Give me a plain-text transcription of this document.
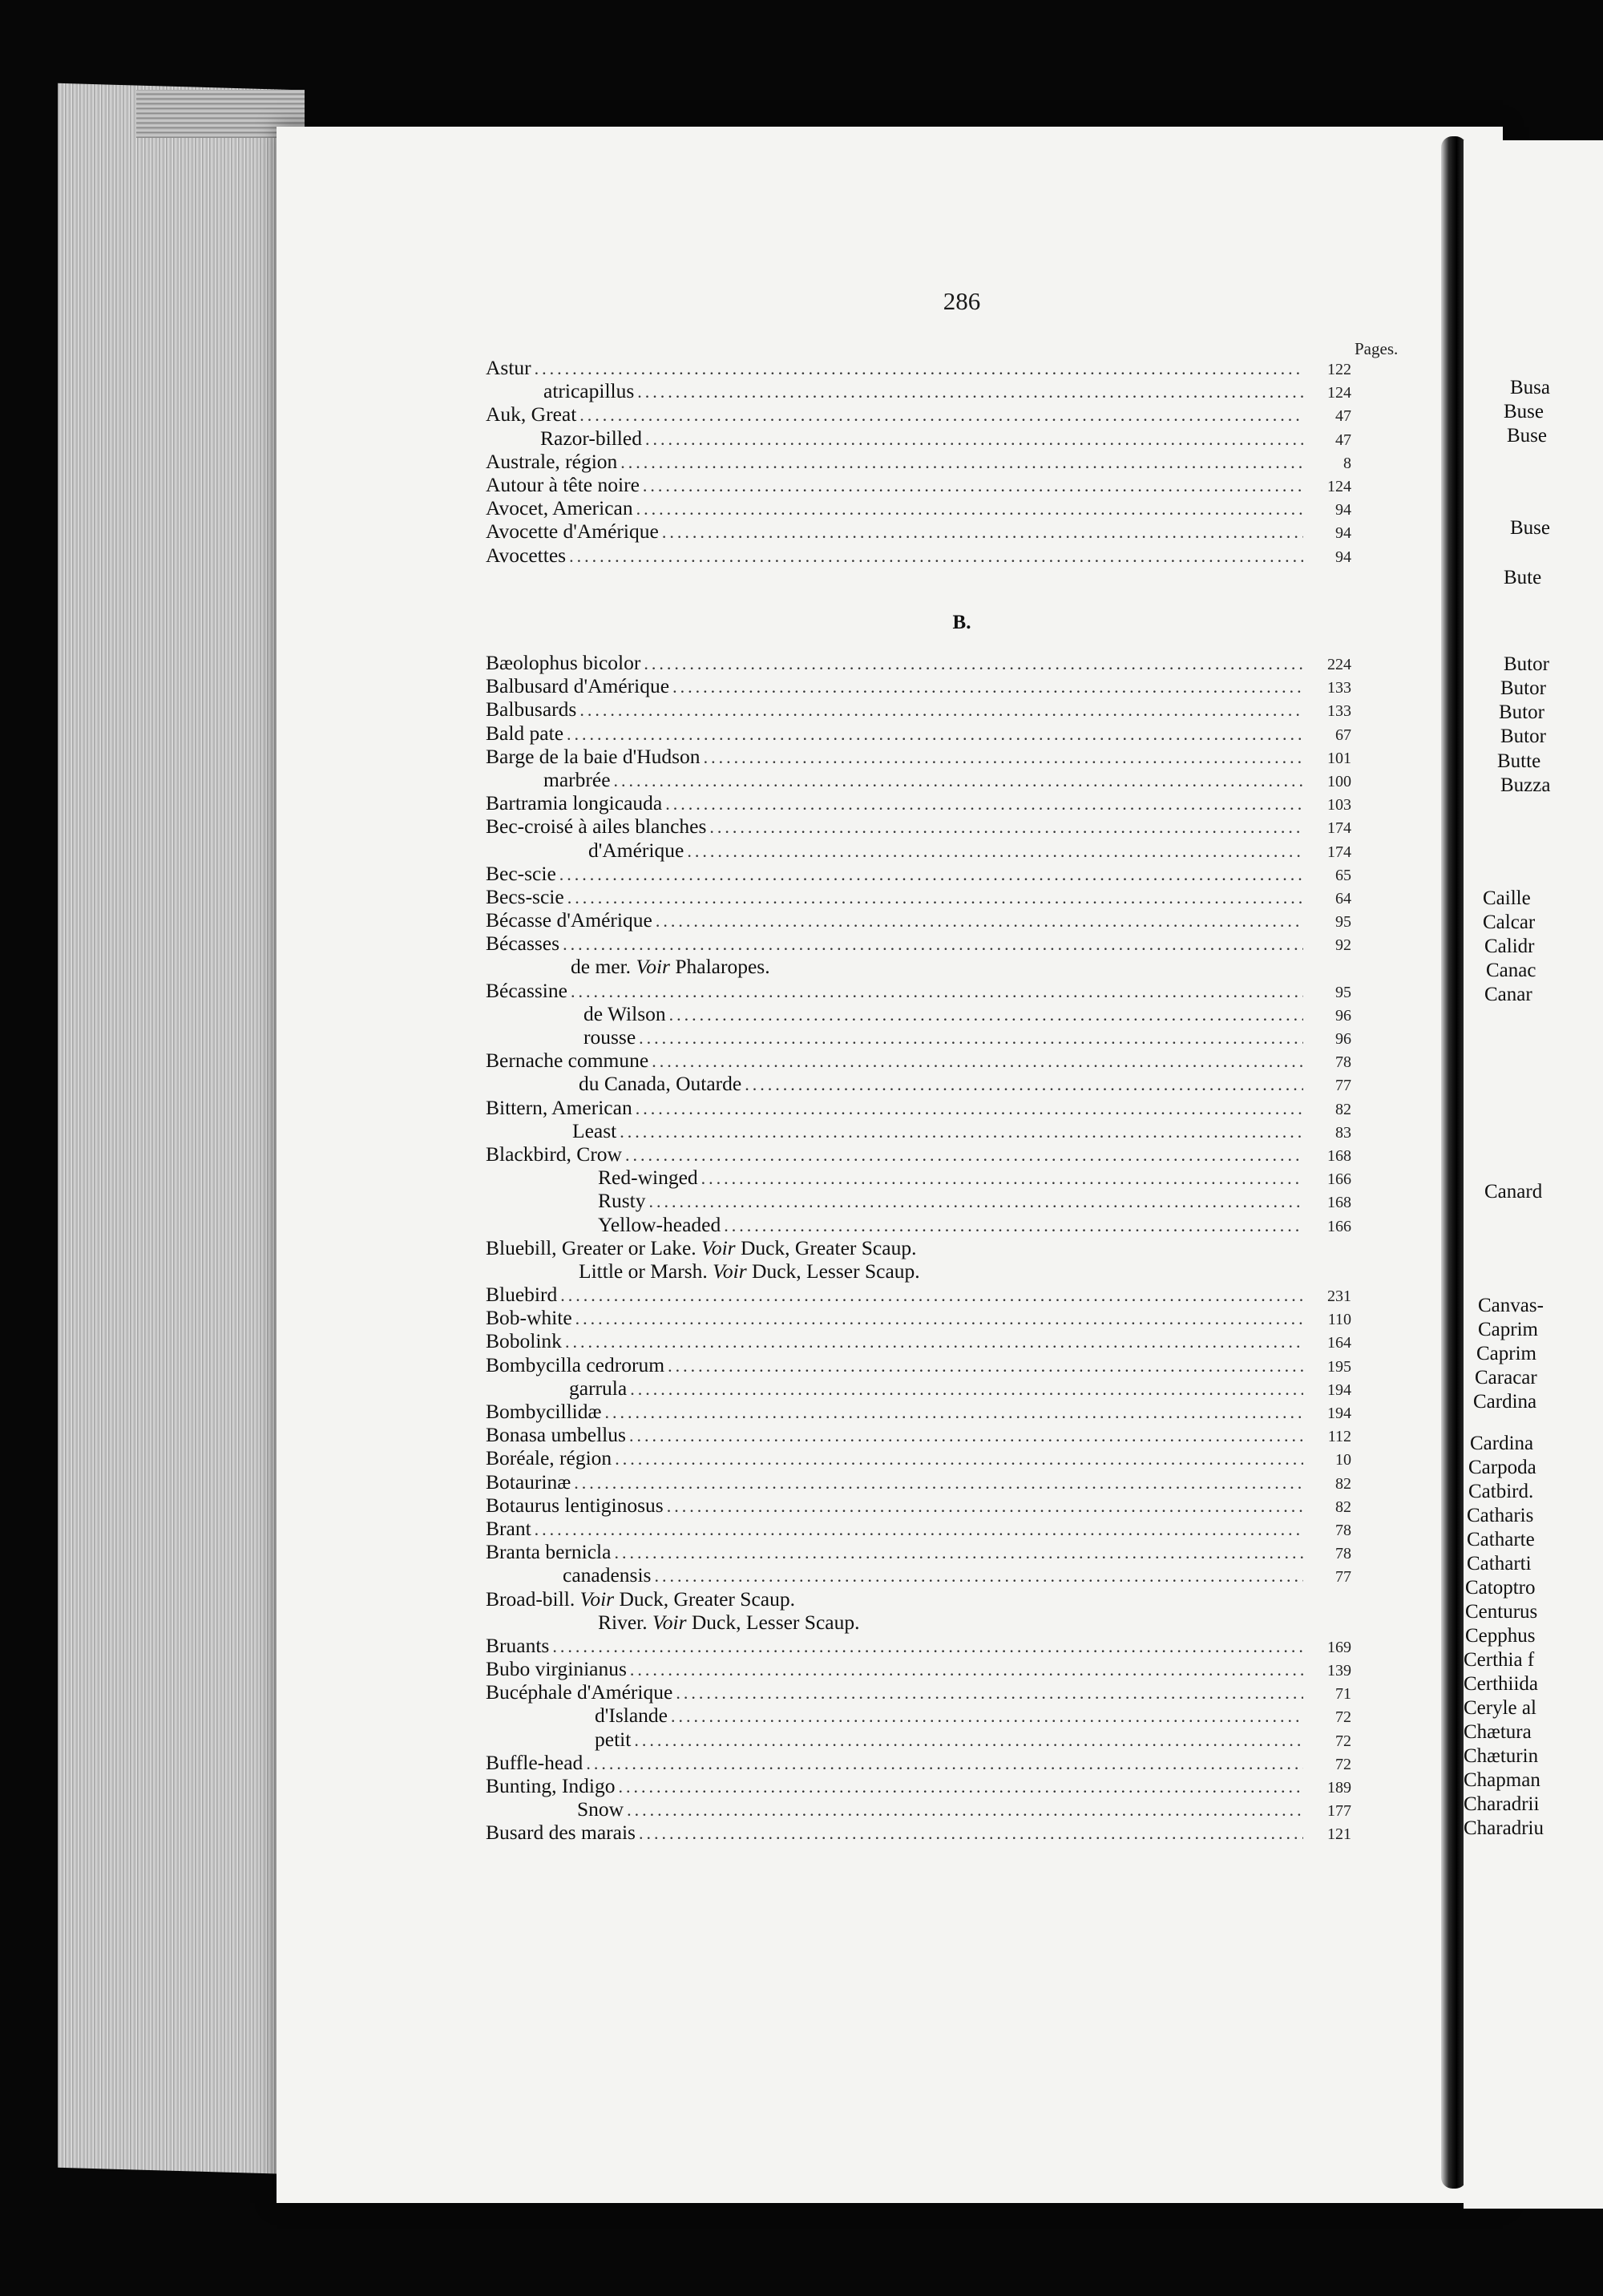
Busa
Buse
Buse
Buse
Bute
Butor
Butor
Butor
Butor
Butte
Buzza
Caille
Calcar
Calidr
Canac
Canar
Canard
Canvas-
Caprim
Caprim
Caracar
Cardina
Cardina
Carpoda
Catbird.
Catharis
Catharte
Catharti
Catoptro
Centurus
Cepphus
Certhia f
Certhiida
Ceryle al
Chætura
Chæturin
Chapman
Charadrii
Charadriu
286
Pages.
Astur .....	122
atricapillus .....	124
Auk, Great .....	47
Razor-billed .....	47
Australe, région .....	8
Autour à tête noire .....	124
Avocet, American .....	94
Avocette d'Amérique .....	94
Avocettes .....	94
B.
Bæolophus bicolor .....	224
Balbusard d'Amérique .....	133
Balbusards .....	133
Bald pate .....	67
Barge de la baie d'Hudson .....	101
marbrée .....	100
Bartramia longicauda .....	103
Bec-croisé à ailes blanches .....	174
d'Amérique .....	174
Bec-scie .....	65
Becs-scie .....	64
Bécasse d'Amérique .....	95
Bécasses .....	92
de mer. Voir Phalaropes.
Bécassine .....	95
de Wilson .....	96
rousse .....	96
Bernache commune .....	78
du Canada, Outarde .....	77
Bittern, American .....	82
Least .....	83
Blackbird, Crow .....	168
Red-winged .....	166
Rusty .....	168
Yellow-headed .....	166
Bluebill, Greater or Lake. Voir Duck, Greater Scaup.
Little or Marsh. Voir Duck, Lesser Scaup.
Bluebird .....	231
Bob-white .....	110
Bobolink .....	164
Bombycilla cedrorum .....	195
garrula .....	194
Bombycillidæ .....	194
Bonasa umbellus .....	112
Boréale, région .....	10
Botaurinæ .....	82
Botaurus lentiginosus .....	82
Brant .....	78
Branta bernicla .....	78
canadensis .....	77
Broad-bill. Voir Duck, Greater Scaup.
River. Voir Duck, Lesser Scaup.
Bruants .....	169
Bubo virginianus .....	139
Bucéphale d'Amérique .....	71
d'Islande .....	72
petit .....	72
Buffle-head .....	72
Bunting, Indigo .....	189
Snow .....	177
Busard des marais .....	121
